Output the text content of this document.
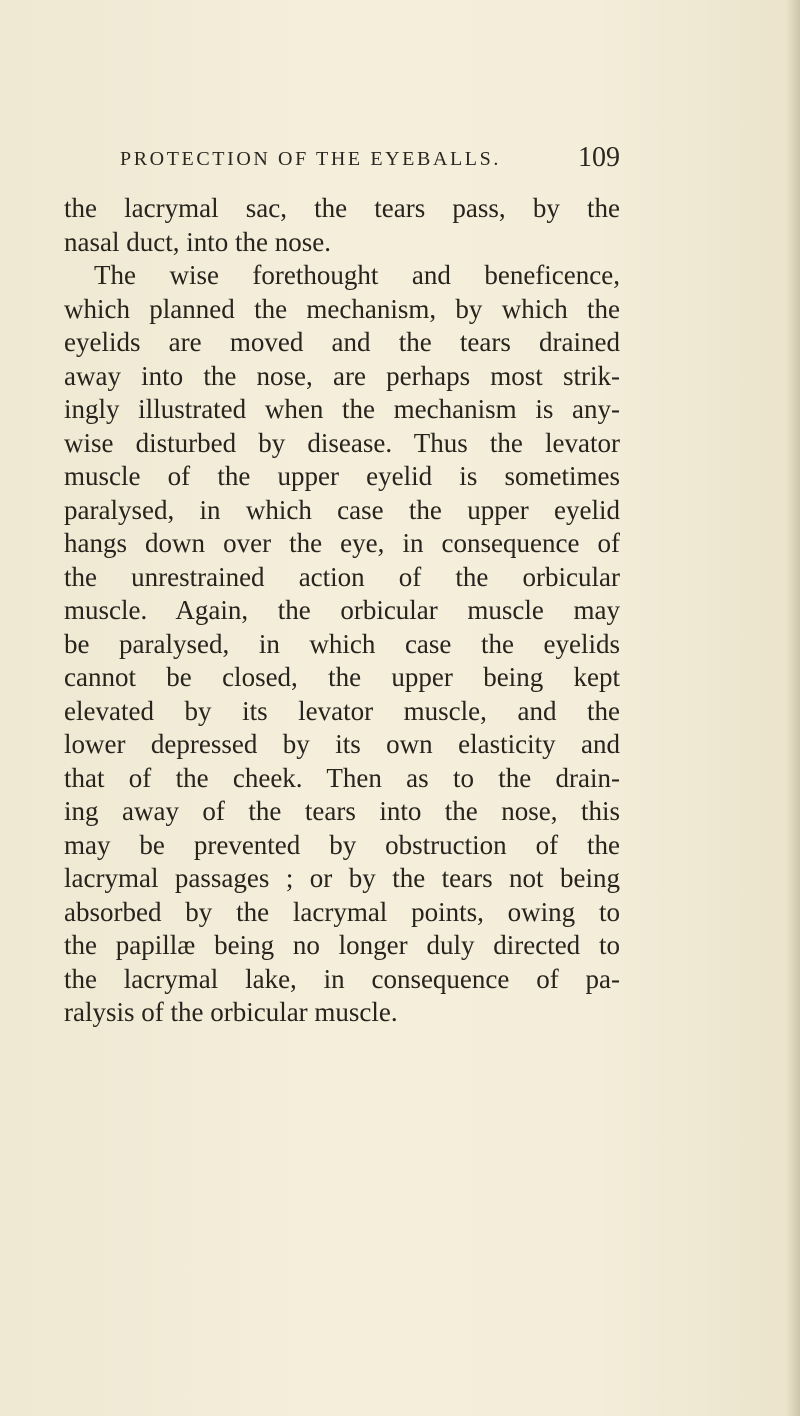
PROTECTION OF THE EYEBALLS.	109
the lacrymal sac, the tears pass, by the
nasal duct, into the nose.
The wise forethought and beneficence,
which planned the mechanism, by which the
eyelids are moved and the tears drained
away into the nose, are perhaps most strik-
ingly illustrated when the mechanism is any-
wise disturbed by disease. Thus the levator
muscle of the upper eyelid is sometimes
paralysed, in which case the upper eyelid
hangs down over the eye, in consequence of
the unrestrained action of the orbicular
muscle. Again, the orbicular muscle may
be paralysed, in which case the eyelids
cannot be closed, the upper being kept
elevated by its levator muscle, and the
lower depressed by its own elasticity and
that of the cheek. Then as to the drain-
ing away of the tears into the nose, this
may be prevented by obstruction of the
lacrymal passages ; or by the tears not being
absorbed by the lacrymal points, owing to
the papillæ being no longer duly directed to
the lacrymal lake, in consequence of pa-
ralysis of the orbicular muscle.
